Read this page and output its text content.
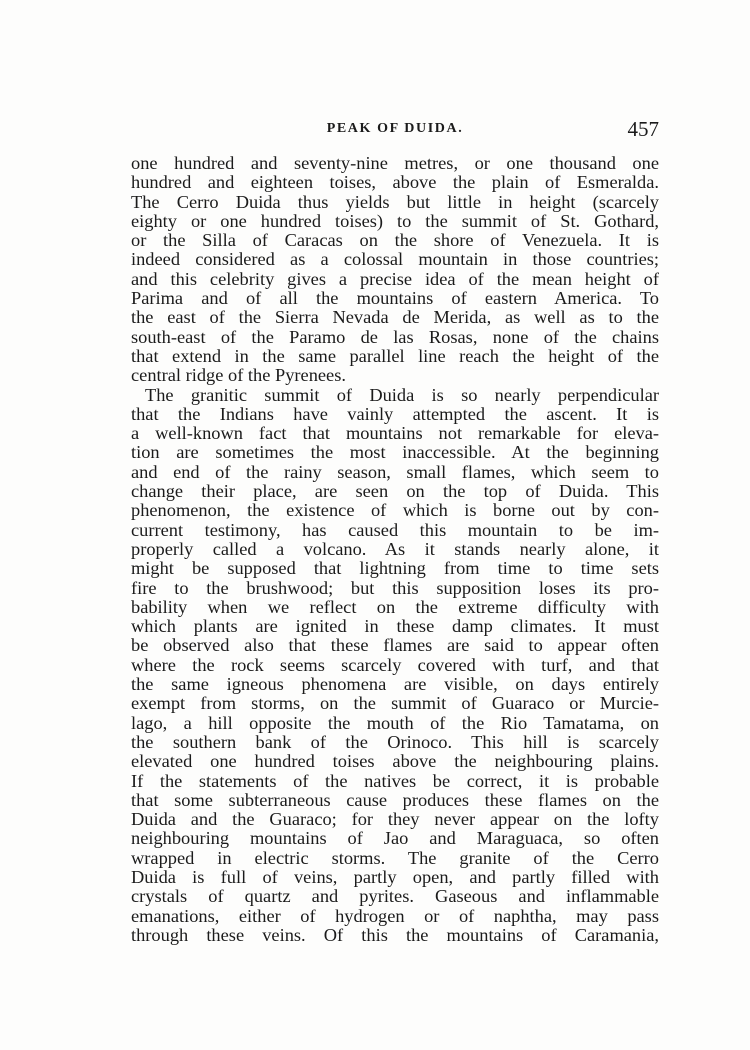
PEAK OF DUIDA.	457
one hundred and seventy-nine metres, or one thousand one
hundred and eighteen toises, above the plain of Esmeralda.
The Cerro Duida thus yields but little in height (scarcely
eighty or one hundred toises) to the summit of St. Gothard,
or the Silla of Caracas on the shore of Venezuela. It is
indeed considered as a colossal mountain in those countries;
and this celebrity gives a precise idea of the mean height of
Parima and of all the mountains of eastern America. To
the east of the Sierra Nevada de Merida, as well as to the
south-east of the Paramo de las Rosas, none of the chains
that extend in the same parallel line reach the height of the
central ridge of the Pyrenees.
The granitic summit of Duida is so nearly perpendicular
that the Indians have vainly attempted the ascent. It is
a well-known fact that mountains not remarkable for eleva-
tion are sometimes the most inaccessible. At the beginning
and end of the rainy season, small flames, which seem to
change their place, are seen on the top of Duida. This
phenomenon, the existence of which is borne out by con-
current testimony, has caused this mountain to be im-
properly called a volcano. As it stands nearly alone, it
might be supposed that lightning from time to time sets
fire to the brushwood; but this supposition loses its pro-
bability when we reflect on the extreme difficulty with
which plants are ignited in these damp climates. It must
be observed also that these flames are said to appear often
where the rock seems scarcely covered with turf, and that
the same igneous phenomena are visible, on days entirely
exempt from storms, on the summit of Guaraco or Murcie-
lago, a hill opposite the mouth of the Rio Tamatama, on
the southern bank of the Orinoco. This hill is scarcely
elevated one hundred toises above the neighbouring plains.
If the statements of the natives be correct, it is probable
that some subterraneous cause produces these flames on the
Duida and the Guaraco; for they never appear on the lofty
neighbouring mountains of Jao and Maraguaca, so often
wrapped in electric storms. The granite of the Cerro
Duida is full of veins, partly open, and partly filled with
crystals of quartz and pyrites. Gaseous and inflammable
emanations, either of hydrogen or of naphtha, may pass
through these veins. Of this the mountains of Caramania,
